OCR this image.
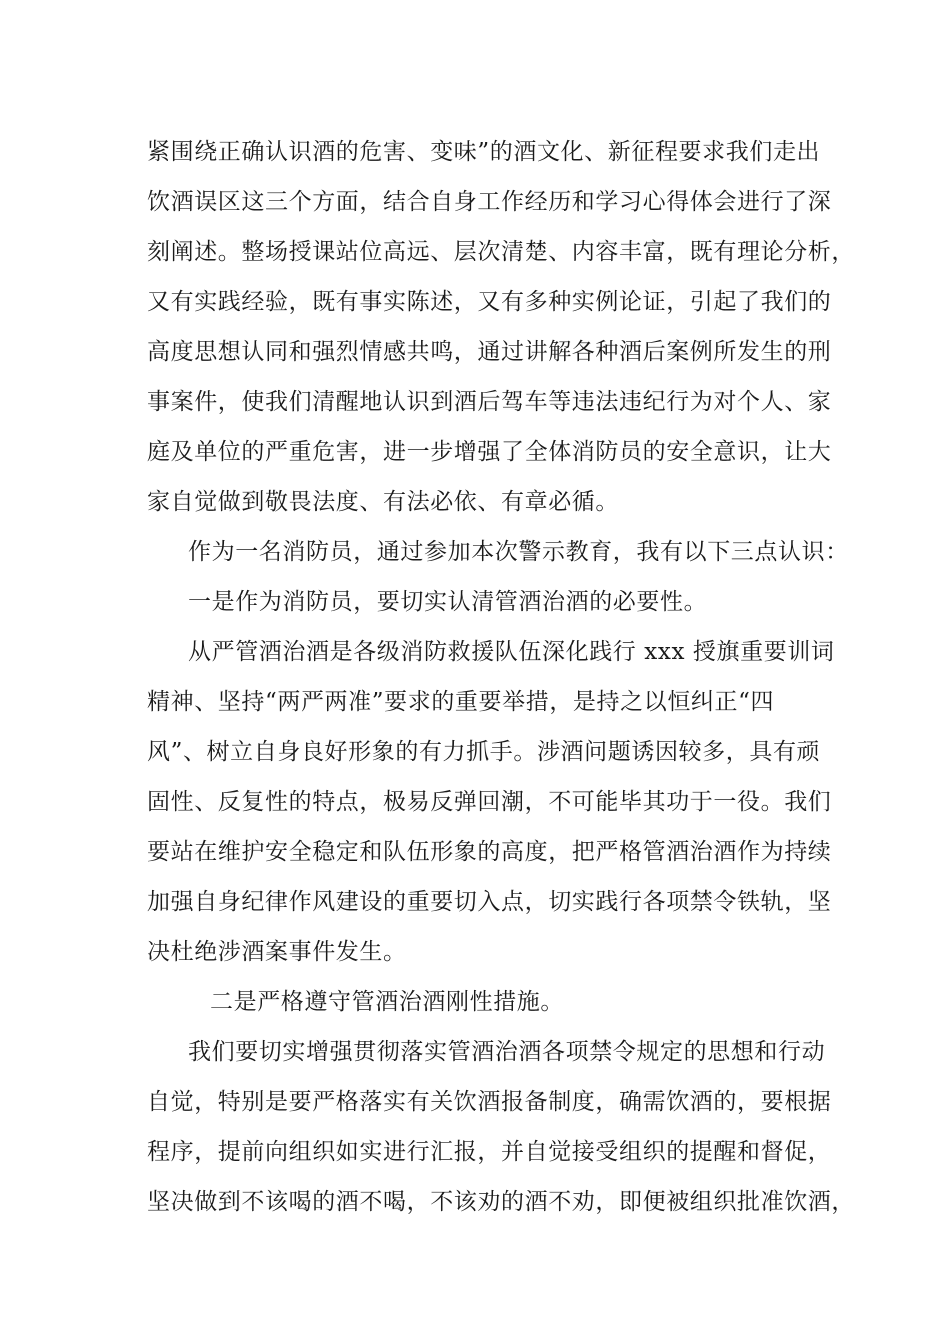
紧围绕正确认识酒的危害、变味”的酒文化、新征程要求我们走出
饮酒误区这三个方面，结合自身工作经历和学习心得体会进行了深
刻阐述。整场授课站位高远、层次清楚、内容丰富，既有理论分析，
又有实践经验，既有事实陈述，又有多种实例论证，引起了我们的
高度思想认同和强烈情感共鸣，通过讲解各种酒后案例所发生的刑
事案件，使我们清醒地认识到酒后驾车等违法违纪行为对个人、家
庭及单位的严重危害，进一步增强了全体消防员的安全意识，让大
家自觉做到敬畏法度、有法必依、有章必循。
作为一名消防员，通过参加本次警示教育，我有以下三点认识：
一是作为消防员，要切实认清管酒治酒的必要性。
从严管酒治酒是各级消防救援队伍深化践行 xxx 授旗重要训词
精神、坚持“两严两准”要求的重要举措，是持之以恒纠正“四
风”、树立自身良好形象的有力抓手。涉酒问题诱因较多，具有顽
固性、反复性的特点，极易反弹回潮，不可能毕其功于一役。我们
要站在维护安全稳定和队伍形象的高度，把严格管酒治酒作为持续
加强自身纪律作风建设的重要切入点，切实践行各项禁令铁轨，坚
决杜绝涉酒案事件发生。
二是严格遵守管酒治酒刚性措施。
我们要切实增强贯彻落实管酒治酒各项禁令规定的思想和行动
自觉，特别是要严格落实有关饮酒报备制度，确需饮酒的，要根据
程序，提前向组织如实进行汇报，并自觉接受组织的提醒和督促，
坚决做到不该喝的酒不喝，不该劝的酒不劝，即便被组织批准饮酒，
